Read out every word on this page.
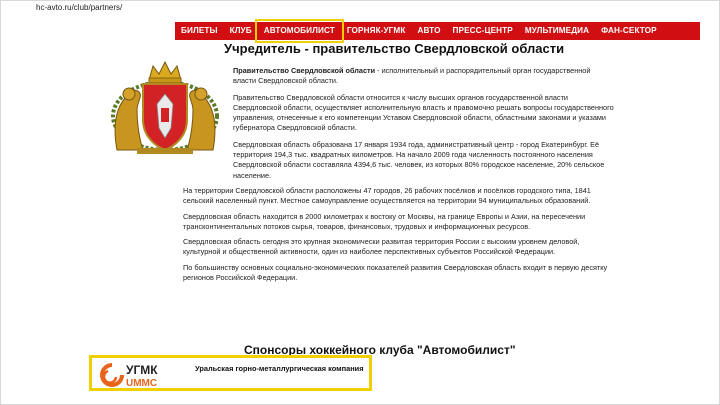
hc-avto.ru/club/partners/
БИЛЕТЫ	КЛУБ	АВТОМОБИЛИСТ	ГОРНЯК-УГМК	АВТО	ПРЕСС-ЦЕНТР	МУЛЬТИМЕДИА	ФАН-СЕКТОР
Учредитель - правительство Свердловской области

Правительство Свердловской области - исполнительный и распорядительный орган государственной власти Свердловской области.

Правительство Свердловской области относится к числу высших органов государственной власти Свердловской области, осуществляет исполнительную власть и правомочно решать вопросы государственного управления, отнесенные к его компетенции Уставом Свердловской области, областными законами и указами губернатора Свердловской области.

Свердловская область образована 17 января 1934 года, административный центр - город Екатеринбург. Её территория 194,3 тыс. квадратных километров. На начало 2009 года численность постоянного населения Свердловской области составляла 4394,6 тыс. человек, из которых 80% городское население, 20% сельское население.

На территории Свердловской области расположены 47 городов, 26 рабочих посёлков и посёлков городского типа, 1841 сельский населенный пункт. Местное самоуправление осуществляется на территории 94 муниципальных образований.

Свердловская область находится в 2000 километрах к востоку от Москвы, на границе Европы и Азии, на пересечении трансконтинентальных потоков сырья, товаров, финансовых, трудовых и информационных ресурсов.

Свердловская область сегодня это крупная экономически развитая территория России с высоким уровнем деловой, культурной и общественной активности, один из наиболее перспективных субъектов Российской Федерации.

По большинству основных социально-экономических показателей развития Свердловская область входит в первую десятку регионов Российской Федерации.

Спонсоры хоккейного клуба "Автомобилист"
УГМК
UMMC
Уральская горно-металлургическая компания
